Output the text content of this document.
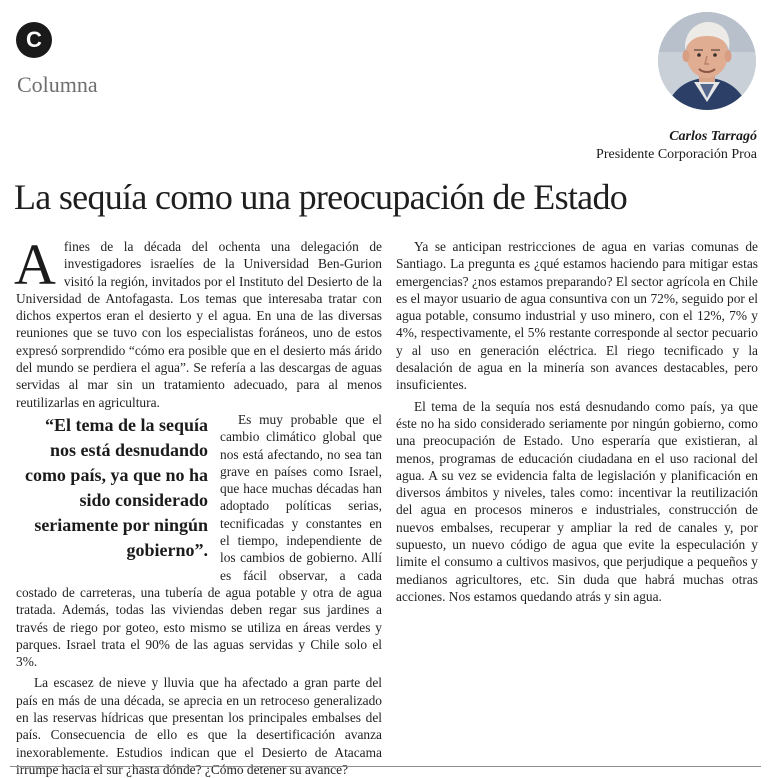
C
Columna
Carlos Tarragó
Presidente Corporación Proa
La sequía como una preocupación de Estado

Afines de la década del ochenta una delegación de investigadores israelíes de la Universidad Ben-Gurion visitó la región, invitados por el Instituto del Desierto de la Universidad de Antofagasta. Los temas que interesaba tratar con dichos expertos eran el desierto y el agua. En una de las diversas reuniones que se tuvo con los especialistas foráneos, uno de estos expresó sorprendido “cómo era posible que en el desierto más árido del mundo se perdiera el agua”. Se refería a las descargas de aguas servidas al mar sin un tratamiento adecuado, para al menos reutilizarlas en agricultura.

“El tema de la sequía nos está desnudando como país, ya que no ha sido considerado seriamente por ningún gobierno”.

Es muy probable que el cambio climático global que nos está afectando, no sea tan grave en países como Israel, que hace muchas décadas han adoptado políticas serias, tecnificadas y constantes en el tiempo, independiente de los cambios de gobierno. Allí es fácil observar, a cada costado de carreteras, una tubería de agua potable y otra de agua tratada. Además, todas las viviendas deben regar sus jardines a través de riego por goteo, esto mismo se utiliza en áreas verdes y parques. Israel trata el 90% de las aguas servidas y Chile solo el 3%.

La escasez de nieve y lluvia que ha afectado a gran parte del país en más de una década, se aprecia en un retroceso generalizado en las reservas hídricas que presentan los principales embalses del país. Consecuencia de ello es que la desertificación avanza inexorablemente. Estudios indican que el Desierto de Atacama irrumpe hacia el sur ¿hasta dónde? ¿Cómo detener su avance?

Ya se anticipan restricciones de agua en varias comunas de Santiago. La pregunta es ¿qué estamos haciendo para mitigar estas emergencias? ¿nos estamos preparando? El sector agrícola en Chile es el mayor usuario de agua consuntiva con un 72%, seguido por el agua potable, consumo industrial y uso minero, con el 12%, 7% y 4%, respectivamente, el 5% restante corresponde al sector pecuario y al uso en generación eléctrica. El riego tecnificado y la desalación de agua en la minería son avances destacables, pero insuficientes.

El tema de la sequía nos está desnudando como país, ya que éste no ha sido considerado seriamente por ningún gobierno, como una preocupación de Estado. Uno esperaría que existieran, al menos, programas de educación ciudadana en el uso racional del agua. A su vez se evidencia falta de legislación y planificación en diversos ámbitos y niveles, tales como: incentivar la reutilización del agua en procesos mineros e industriales, construcción de nuevos embalses, recuperar y ampliar la red de canales y, por supuesto, un nuevo código de agua que evite la especulación y limite el consumo a cultivos masivos, que perjudique a pequeños y medianos agricultores, etc. Sin duda que habrá muchas otras acciones. Nos estamos quedando atrás y sin agua.
